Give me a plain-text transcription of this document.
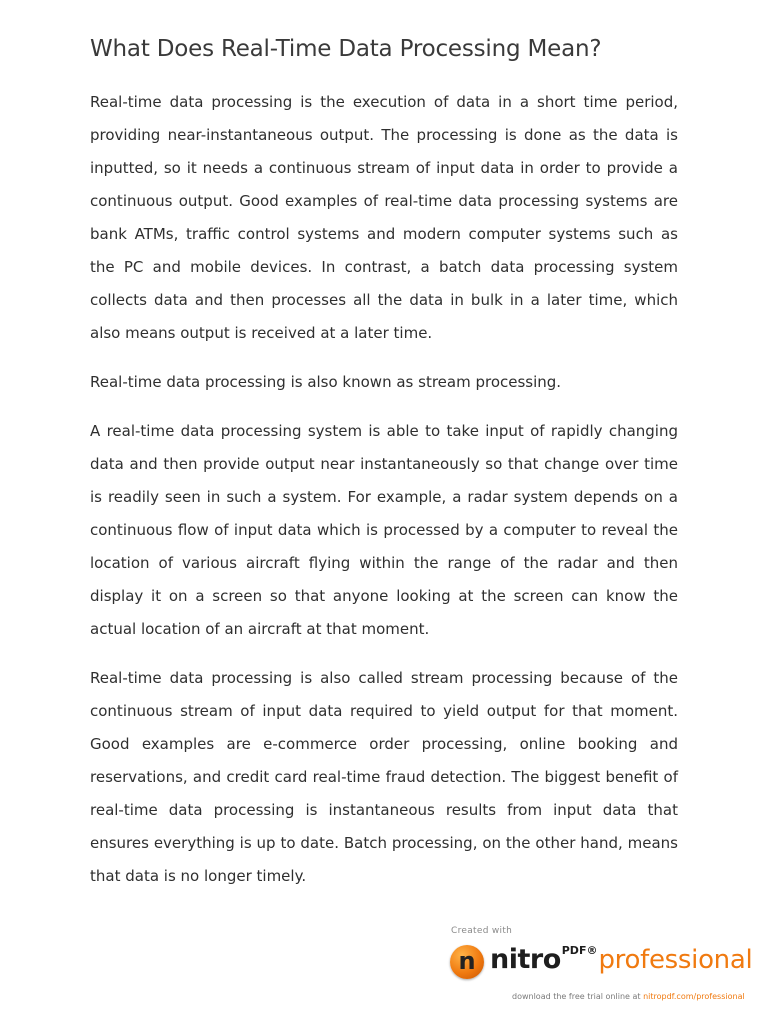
What Does Real-Time Data Processing Mean?

Real-time data processing is the execution of data in a short time period, providing near-instantaneous output. The processing is done as the data is inputted, so it needs a continuous stream of input data in order to provide a continuous output. Good examples of real-time data processing systems are bank ATMs, traffic control systems and modern computer systems such as the PC and mobile devices. In contrast, a batch data processing system collects data and then processes all the data in bulk in a later time, which also means output is received at a later time.

Real-time data processing is also known as stream processing.

A real-time data processing system is able to take input of rapidly changing data and then provide output near instantaneously so that change over time is readily seen in such a system. For example, a radar system depends on a continuous flow of input data which is processed by a computer to reveal the location of various aircraft flying within the range of the radar and then display it on a screen so that anyone looking at the screen can know the actual location of an aircraft at that moment.

Real-time data processing is also called stream processing because of the continuous stream of input data required to yield output for that moment. Good examples are e-commerce order processing, online booking and reservations, and credit card real-time fraud detection. The biggest benefit of real-time data processing is instantaneous results from input data that ensures everything is up to date. Batch processing, on the other hand, means that data is no longer timely.

Created with
n nitro$^{PDF®}$professional
download the free trial online at nitropdf.com/professional
